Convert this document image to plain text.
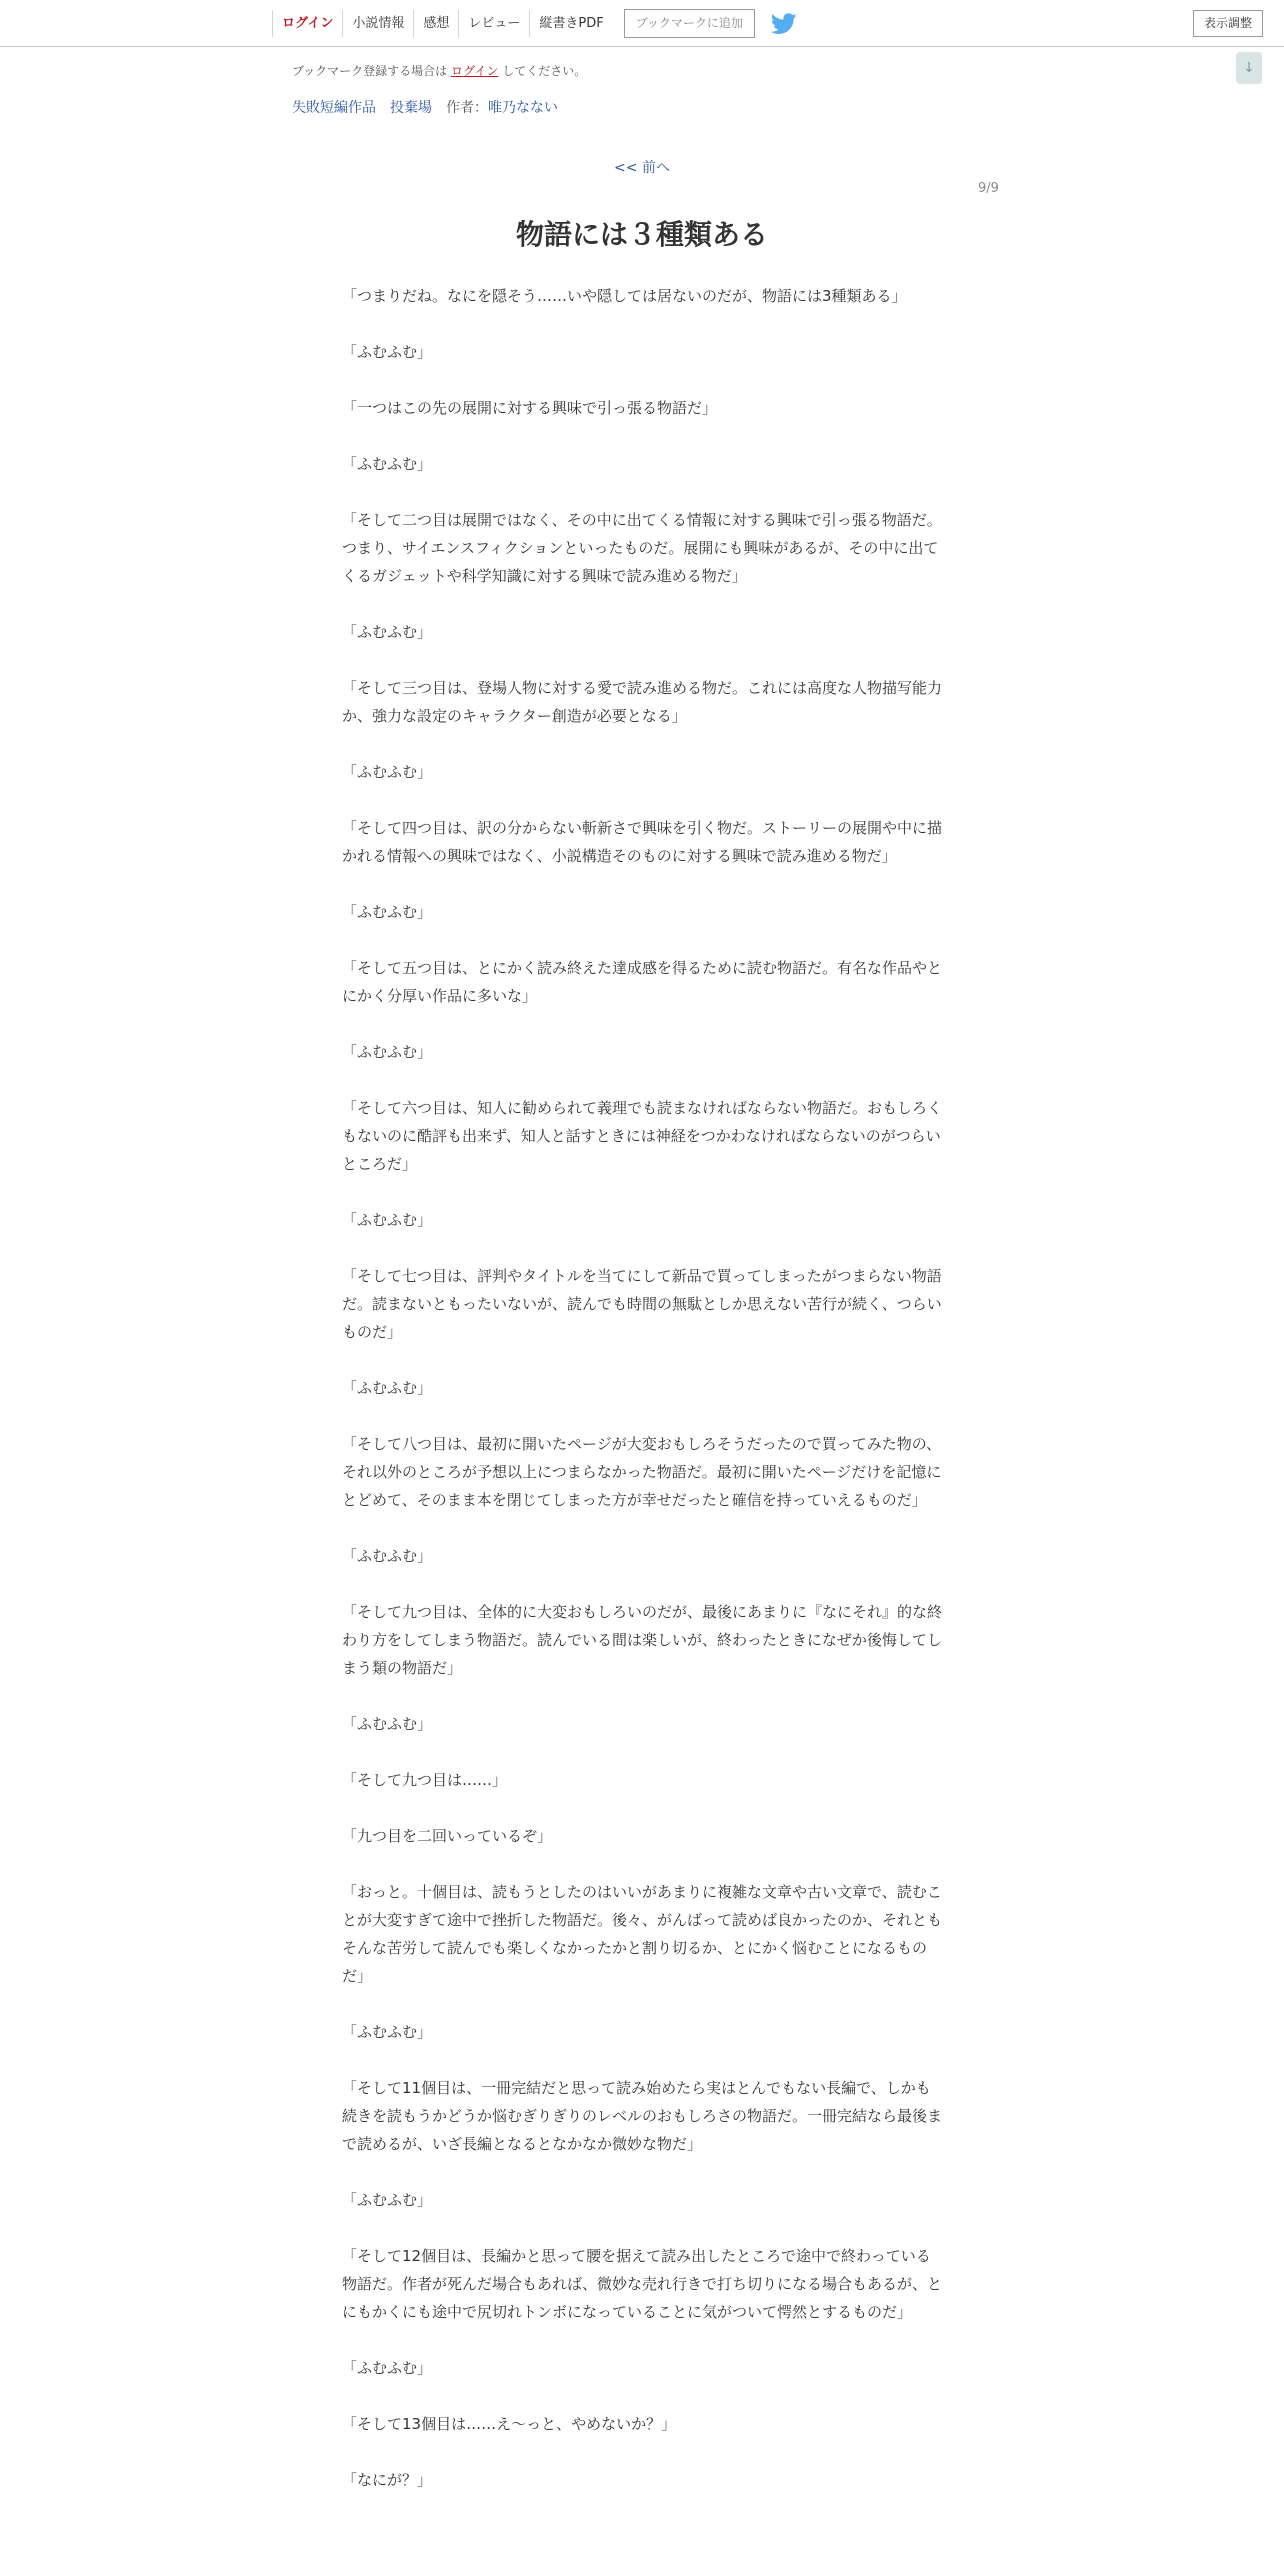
ログイン	小説情報	感想	レビュー	縦書きPDF	ブックマークに追加	表示調整
↓
ブックマーク登録する場合は ログイン してください。
失敗短編作品　投棄場 作者：唯乃なない
<< 前へ
9/9
物語には３種類ある

「つまりだね。なにを隠そう……いや隠しては居ないのだが、物語には3種類ある」

「ふむふむ」

「一つはこの先の展開に対する興味で引っ張る物語だ」

「ふむふむ」

「そして二つ目は展開ではなく、その中に出てくる情報に対する興味で引っ張る物語だ。つまり、サイエンスフィクションといったものだ。展開にも興味があるが、その中に出てくるガジェットや科学知識に対する興味で読み進める物だ」

「ふむふむ」

「そして三つ目は、登場人物に対する愛で読み進める物だ。これには高度な人物描写能力か、強力な設定のキャラクター創造が必要となる」

「ふむふむ」

「そして四つ目は、訳の分からない斬新さで興味を引く物だ。ストーリーの展開や中に描かれる情報への興味ではなく、小説構造そのものに対する興味で読み進める物だ」

「ふむふむ」

「そして五つ目は、とにかく読み終えた達成感を得るために読む物語だ。有名な作品やとにかく分厚い作品に多いな」

「ふむふむ」

「そして六つ目は、知人に勧められて義理でも読まなければならない物語だ。おもしろくもないのに酷評も出来ず、知人と話すときには神経をつかわなければならないのがつらいところだ」

「ふむふむ」

「そして七つ目は、評判やタイトルを当てにして新品で買ってしまったがつまらない物語だ。読まないともったいないが、読んでも時間の無駄としか思えない苦行が続く、つらいものだ」

「ふむふむ」

「そして八つ目は、最初に開いたページが大変おもしろそうだったので買ってみた物の、それ以外のところが予想以上につまらなかった物語だ。最初に開いたページだけを記憶にとどめて、そのまま本を閉じてしまった方が幸せだったと確信を持っていえるものだ」

「ふむふむ」

「そして九つ目は、全体的に大変おもしろいのだが、最後にあまりに『なにそれ』的な終わり方をしてしまう物語だ。読んでいる間は楽しいが、終わったときになぜか後悔してしまう類の物語だ」

「ふむふむ」

「そして九つ目は……」

「九つ目を二回いっているぞ」

「おっと。十個目は、読もうとしたのはいいがあまりに複雑な文章や古い文章で、読むことが大変すぎて途中で挫折した物語だ。後々、がんばって読めば良かったのか、それともそんな苦労して読んでも楽しくなかったかと割り切るか、とにかく悩むことになるものだ」

「ふむふむ」

「そして11個目は、一冊完結だと思って読み始めたら実はとんでもない長編で、しかも続きを読もうかどうか悩むぎりぎりのレベルのおもしろさの物語だ。一冊完結なら最後まで読めるが、いざ長編となるとなかなか微妙な物だ」

「ふむふむ」

「そして12個目は、長編かと思って腰を据えて読み出したところで途中で終わっている物語だ。作者が死んだ場合もあれば、微妙な売れ行きで打ち切りになる場合もあるが、とにもかくにも途中で尻切れトンボになっていることに気がついて愕然とするものだ」

「ふむふむ」

「そして13個目は……え～っと、やめないか？」

「なにが？」
